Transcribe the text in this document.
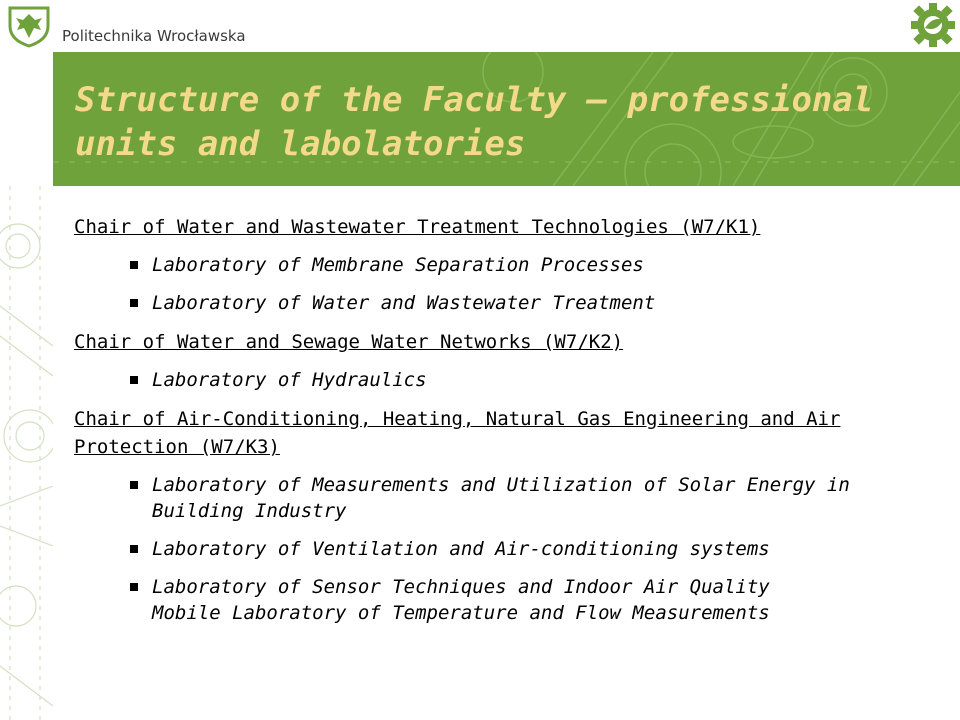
Politechnika Wrocławska
Structure of the Faculty – professional
units and labolatories

Chair of Water and Wastewater Treatment Technologies (W7/K1)

Laboratory of Membrane Separation Processes

Laboratory of Water and Wastewater Treatment

Chair of Water and Sewage Water Networks (W7/K2)

Laboratory of Hydraulics

Chair of Air-Conditioning, Heating, Natural Gas Engineering and Air
Protection (W7/K3)

Laboratory of Measurements and Utilization of Solar Energy in
Building Industry

Laboratory of Ventilation and Air-conditioning systems

Laboratory of Sensor Techniques and Indoor Air Quality
Mobile Laboratory of Temperature and Flow Measurements
